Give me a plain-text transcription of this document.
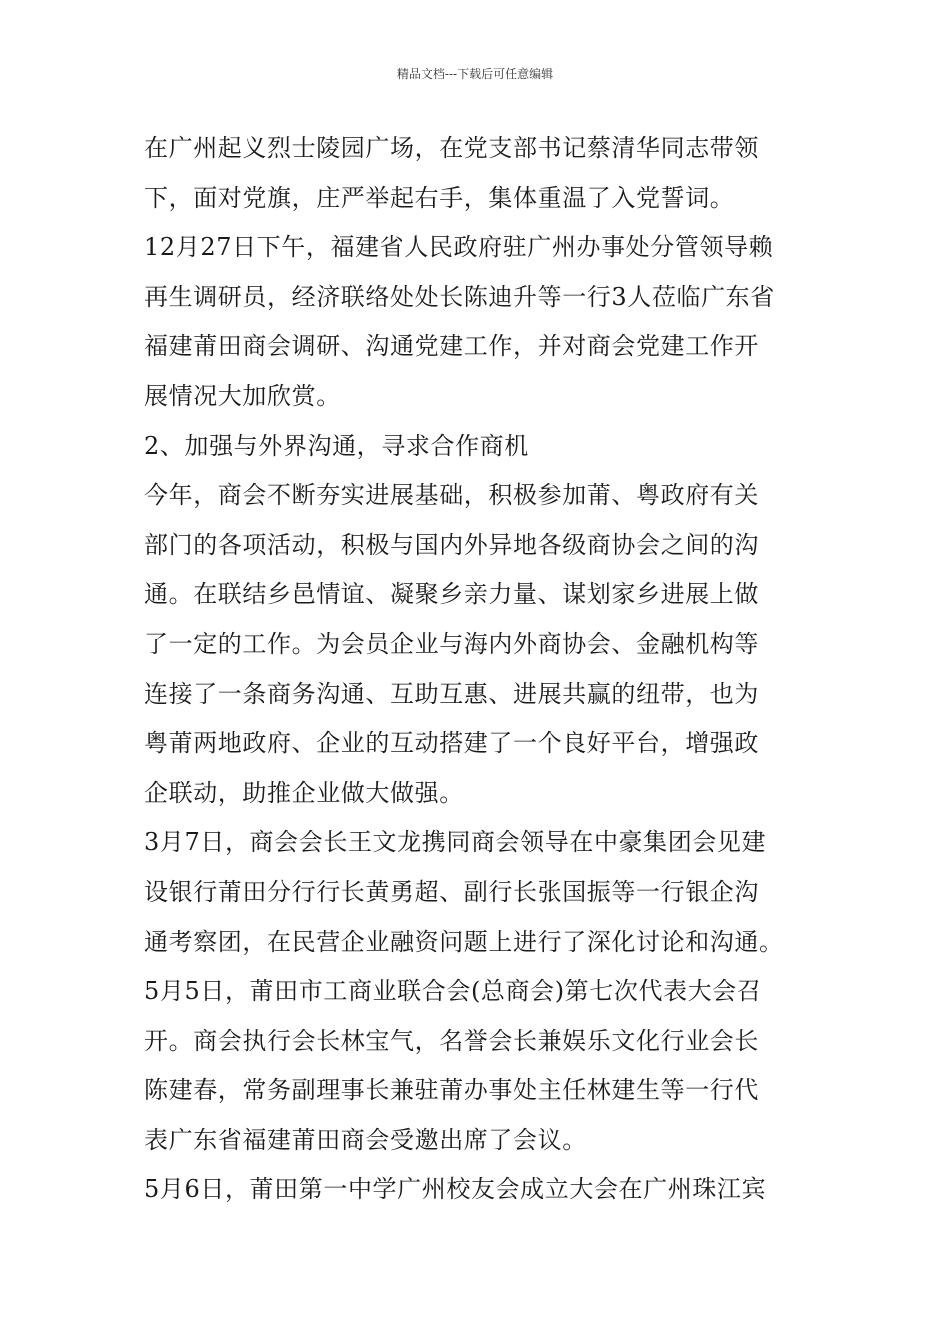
精品文档---下载后可任意编辑
在广州起义烈士陵园广场，在党支部书记蔡清华同志带领
下，面对党旗，庄严举起右手，集体重温了入党誓词。
12月27日下午，福建省人民政府驻广州办事处分管领导赖
再生调研员，经济联络处处长陈迪升等一行3人莅临广东省
福建莆田商会调研、沟通党建工作，并对商会党建工作开
展情况大加欣赏。
2、加强与外界沟通，寻求合作商机
今年，商会不断夯实进展基础，积极参加莆、粤政府有关
部门的各项活动，积极与国内外异地各级商协会之间的沟
通。在联结乡邑情谊、凝聚乡亲力量、谋划家乡进展上做
了一定的工作。为会员企业与海内外商协会、金融机构等
连接了一条商务沟通、互助互惠、进展共赢的纽带，也为
粤莆两地政府、企业的互动搭建了一个良好平台，增强政
企联动，助推企业做大做强。
3月7日，商会会长王文龙携同商会领导在中豪集团会见建
设银行莆田分行行长黄勇超、副行长张国振等一行银企沟
通考察团，在民营企业融资问题上进行了深化讨论和沟通。
5月5日，莆田市工商业联合会(总商会)第七次代表大会召
开。商会执行会长林宝气，名誉会长兼娱乐文化行业会长
陈建春，常务副理事长兼驻莆办事处主任林建生等一行代
表广东省福建莆田商会受邀出席了会议。
5月6日，莆田第一中学广州校友会成立大会在广州珠江宾
